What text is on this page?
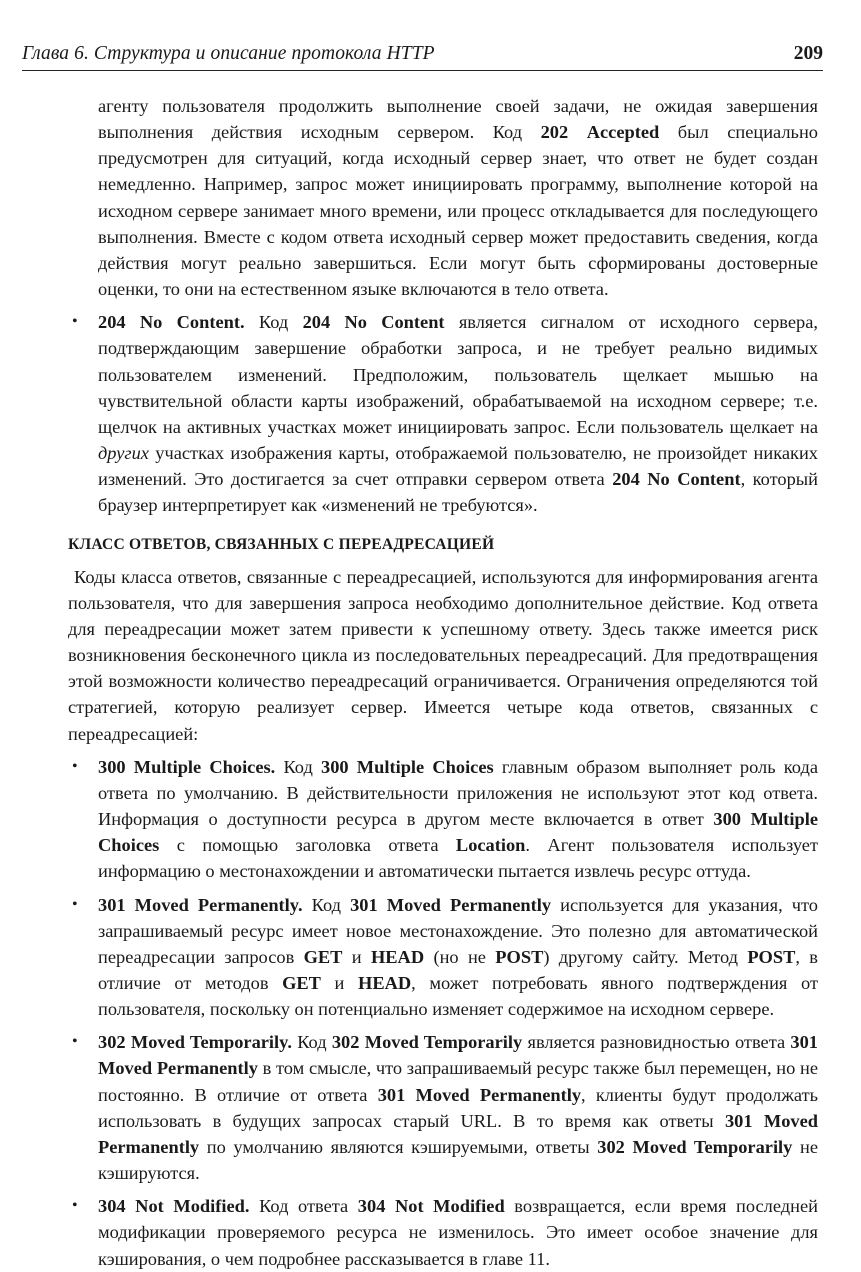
Глава 6. Структура и описание протокола HTTP	209

агенту пользователя продолжить выполнение своей задачи, не ожидая завершения выполнения действия исходным сервером. Код 202 Accepted был специально предусмотрен для ситуаций, когда исходный сервер знает, что ответ не будет создан немедленно. Например, запрос может инициировать программу, выполнение которой на исходном сервере занимает много времени, или процесс откладывается для последующего выполнения. Вместе с кодом ответа исходный сервер может предоставить сведения, когда действия могут реально завершиться. Если могут быть сформированы достоверные оценки, то они на естественном языке включаются в тело ответа.

•	204 No Content. Код 204 No Content является сигналом от исходного сервера, подтверждающим завершение обработки запроса, и не требует реально видимых пользователем изменений. Предположим, пользователь щелкает мышью на чувствительной области карты изображений, обрабатываемой на исходном сервере; т.е. щелчок на активных участках может инициировать запрос. Если пользователь щелкает на других участках изображения карты, отображаемой пользователю, не произойдет никаких изменений. Это достигается за счет отправки сервером ответа 204 No Content, который браузер интерпретирует как «изменений не требуются».

КЛАСС ОТВЕТОВ, СВЯЗАННЫХ С ПЕРЕАДРЕСАЦИЕЙ

Коды класса ответов, связанные с переадресацией, используются для информирования агента пользователя, что для завершения запроса необходимо дополнительное действие. Код ответа для переадресации может затем привести к успешному ответу. Здесь также имеется риск возникновения бесконечного цикла из последовательных переадресаций. Для предотвращения этой возможности количество переадресаций ограничивается. Ограничения определяются той стратегией, которую реализует сервер. Имеется четыре кода ответов, связанных с переадресацией:

•	300 Multiple Choices. Код 300 Multiple Choices главным образом выполняет роль кода ответа по умолчанию. В действительности приложения не используют этот код ответа. Информация о доступности ресурса в другом месте включается в ответ 300 Multiple Choices с помощью заголовка ответа Location. Агент пользователя использует информацию о местонахождении и автоматически пытается извлечь ресурс оттуда.

•	301 Moved Permanently. Код 301 Moved Permanently используется для указания, что запрашиваемый ресурс имеет новое местонахождение. Это полезно для автоматической переадресации запросов GET и HEAD (но не POST) другому сайту. Метод POST, в отличие от методов GET и HEAD, может потребовать явного подтверждения от пользователя, поскольку он потенциально изменяет содержимое на исходном сервере.

•	302 Moved Temporarily. Код 302 Moved Temporarily является разновидностью ответа 301 Moved Permanently в том смысле, что запрашиваемый ресурс также был перемещен, но не постоянно. В отличие от ответа 301 Moved Permanently, клиенты будут продолжать использовать в будущих запросах старый URL. В то время как ответы 301 Moved Permanently по умолчанию являются кэшируемыми, ответы 302 Moved Temporarily не кэшируются.

•	304 Not Modified. Код ответа 304 Not Modified возвращается, если время последней модификации проверяемого ресурса не изменилось. Это имеет особое значение для кэширования, о чем подробнее рассказывается в главе 11.
